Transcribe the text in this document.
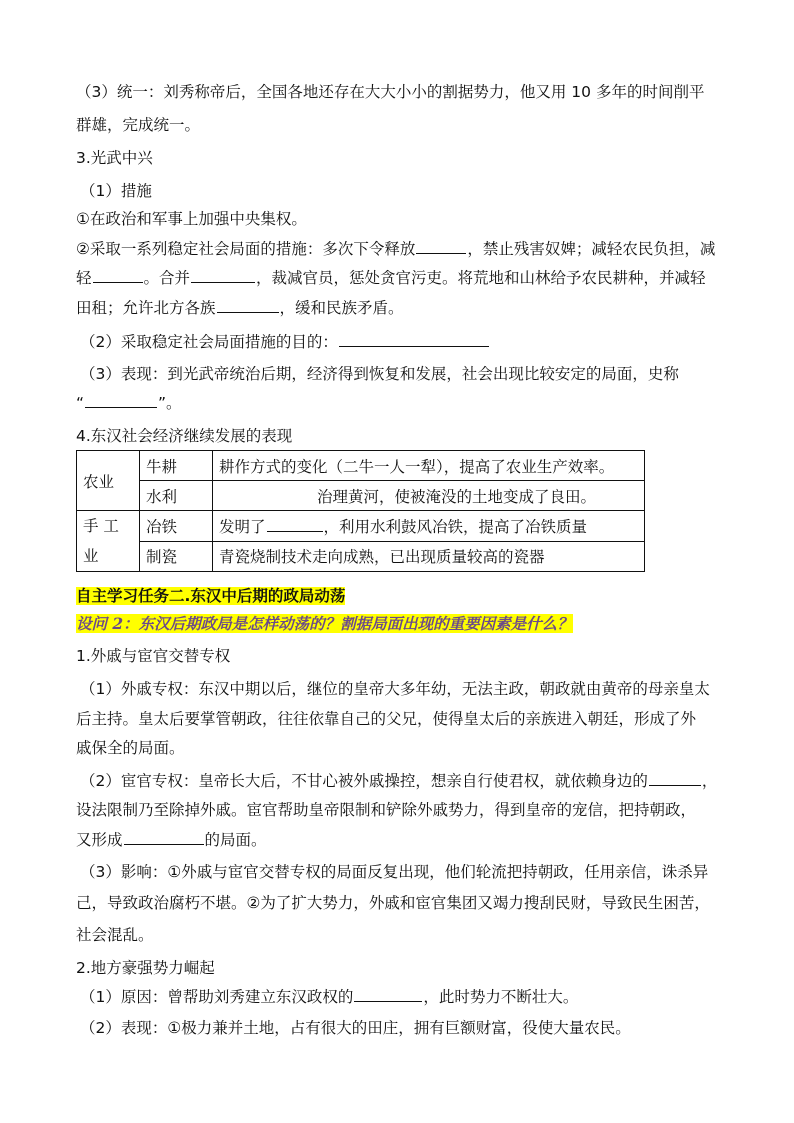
（3）统一：刘秀称帝后，全国各地还存在大大小小的割据势力，他又用 10 多年的时间削平
群雄，完成统一。
3.光武中兴
（1）措施
①在政治和军事上加强中央集权。
②采取一系列稳定社会局面的措施：多次下令释放	，禁止残害奴婢；减轻农民负担，减
轻	。合并	，裁减官员，惩处贪官污吏。将荒地和山林给予农民耕种，并减轻
田租；允许北方各族	，缓和民族矛盾。
（2）采取稳定社会局面措施的目的：
（3）表现：到光武帝统治后期，经济得到恢复和发展，社会出现比较安定的局面，史称
“	”。
4.东汉社会经济继续发展的表现
农业	牛耕	耕作方式的变化（二牛一人一犁），提高了农业生产效率。
	水利	治理黄河，使被淹没的土地变成了良田。

手 工
业	冶铁	发明了 ，利用水利鼓风冶铁，提高了冶铁质量
	制瓷	青瓷烧制技术走向成熟，已出现质量较高的瓷器
自主学习任务二.东汉中后期的政局动荡
设问 2：东汉后期政局是怎样动荡的？割据局面出现的重要因素是什么？
1.外戚与宦官交替专权
（1）外戚专权：东汉中期以后，继位的皇帝大多年幼，无法主政，朝政就由黄帝的母亲皇太
后主持。皇太后要掌管朝政，往往依靠自己的父兄，使得皇太后的亲族进入朝廷，形成了外
戚保全的局面。
（2）宦官专权：皇帝长大后，不甘心被外戚操控，想亲自行使君权，就依赖身边的	，
设法限制乃至除掉外戚。宦官帮助皇帝限制和铲除外戚势力，得到皇帝的宠信，把持朝政，
又形成	的局面。
（3）影响：①外戚与宦官交替专权的局面反复出现，他们轮流把持朝政，任用亲信，诛杀异
己，导致政治腐朽不堪。②为了扩大势力，外戚和宦官集团又竭力搜刮民财，导致民生困苦，
社会混乱。
2.地方豪强势力崛起
（1）原因：曾帮助刘秀建立东汉政权的	，此时势力不断壮大。
（2）表现：①极力兼并土地，占有很大的田庄，拥有巨额财富，役使大量农民。
